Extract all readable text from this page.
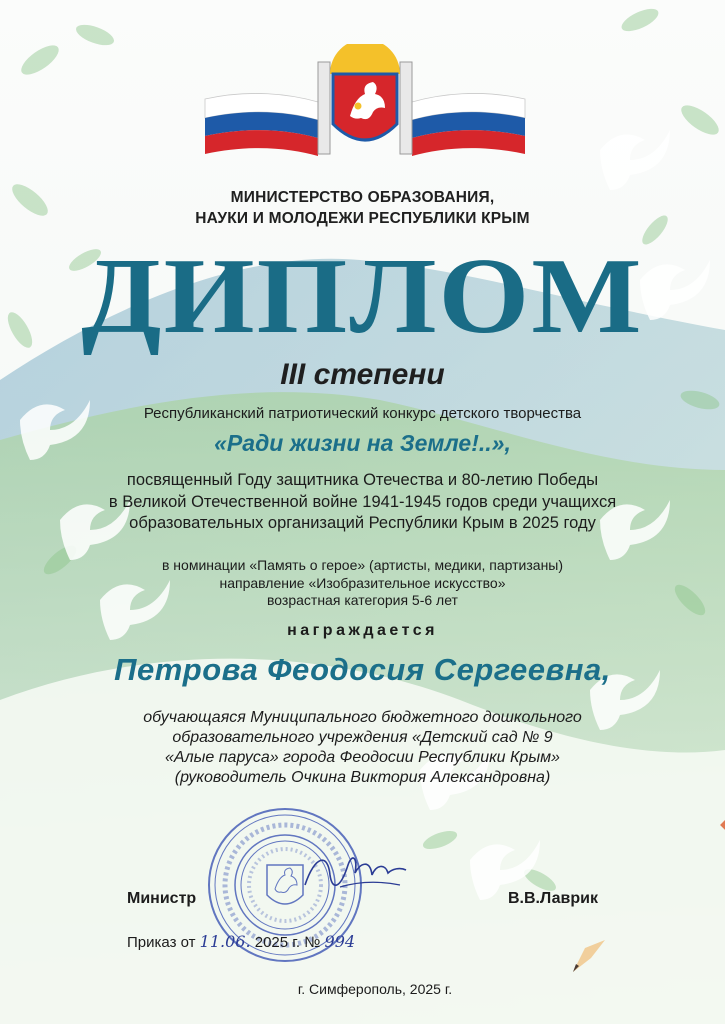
МИНИСТЕРСТВО ОБРАЗОВАНИЯ,
НАУКИ И МОЛОДЕЖИ РЕСПУБЛИКИ КРЫМ
ДИПЛОМ
III степени
Республиканский патриотический конкурс детского творчества
«Ради жизни на Земле!..»,
посвященный Году защитника Отечества и 80-летию Победы
в Великой Отечественной войне 1941-1945 годов среди учащихся
образовательных организаций Республики Крым в 2025 году
в номинации «Память о герое» (артисты, медики, партизаны)
направление «Изобразительное искусство»
возрастная категория 5-6 лет
награждается
Петрова Феодосия Сергеевна,
обучающаяся Муниципального бюджетного дошкольного
образовательного учреждения «Детский сад № 9
«Алые паруса» города Феодосии Республики Крым»
(руководитель Очкина Виктория Александровна)
Министр	В.В.Лаврик
Приказ от 11.06. 2025 г. № 994
г. Симферополь, 2025 г.
